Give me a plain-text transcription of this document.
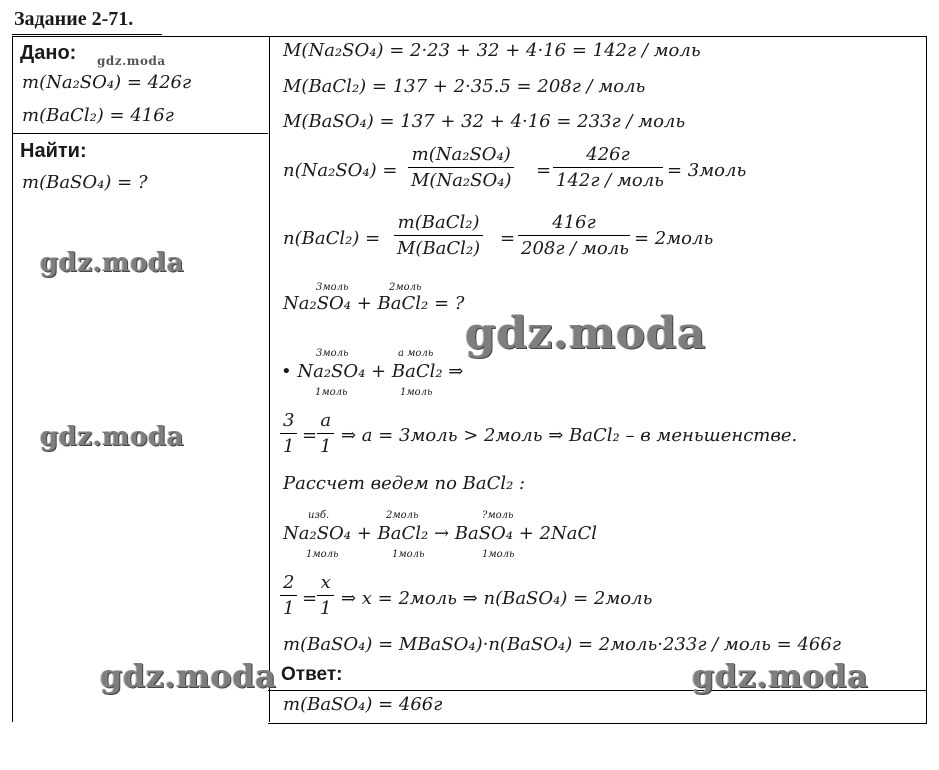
Задание 2-71.
Дано: gdz.moda
m(Na₂SO₄) = 426г
m(BaCl₂) = 416г
Найти:
m(BaSO₄) = ?
gdz.moda
gdz.moda
gdz.moda
gdz.moda	gdz.moda
M(Na₂SO₄) = 2·23 + 32 + 4·16 = 142г / моль
M(BaCl₂) = 137 + 2·35.5 = 208г / моль
M(BaSO₄) = 137 + 32 + 4·16 = 233г / моль
$n(Na_2SO_4) = \frac{\text{m(Na₂SO₄)}}{\text{M(Na₂SO₄)}}$ =
426г
142г / моль = 3моль
n(BaCl₂) =
m(BaCl₂)
M(BaCl₂) =
416г
208г / моль = 2моль
3моль	2моль
Na₂SO₄ + BaCl₂ = ?
3моль	a моль
• Na₂SO₄ + BaCl₂ ⇒
1моль	1моль
$\frac{3}{1} = \frac{a}{1}$ ⇒ a = 3моль > 2моль ⇒ BaCl₂ – в меньшенстве.
Рассчет ведем по BaCl₂ :
изб.	2моль	?моль
Na₂SO₄ + BaCl₂ → BaSO₄ + 2NaCl
1моль	1моль	1моль
$\frac{2}{1} = \frac{x}{1}$ ⇒ x = 2моль ⇒ n(BaSO₄) = 2моль
m(BaSO₄) = MBaSO₄)·n(BaSO₄) = 2моль·233г / моль = 466г
Ответ:
m(BaSO₄) = 466г
